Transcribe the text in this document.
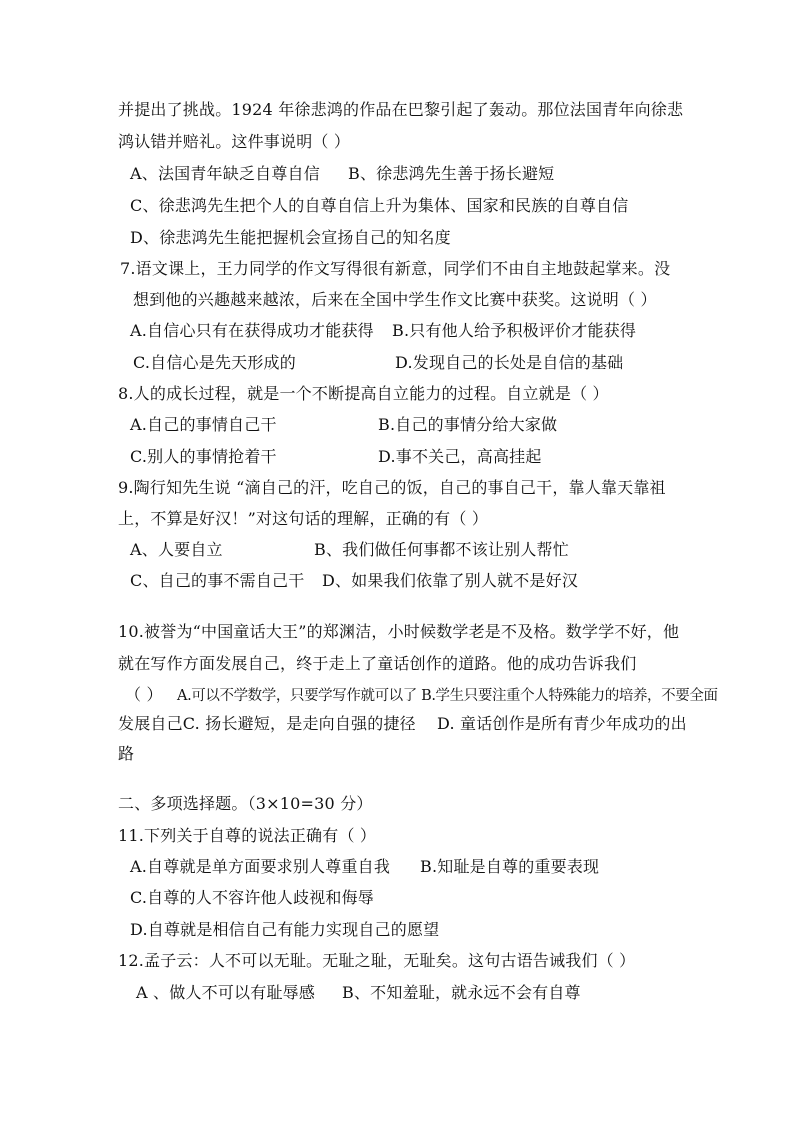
并提出了挑战。1924 年徐悲鸿的作品在巴黎引起了轰动。那位法国青年向徐悲
鸿认错并赔礼。这件事说明（ ）
A、法国青年缺乏自尊自信 B、徐悲鸿先生善于扬长避短
C、徐悲鸿先生把个人的自尊自信上升为集体、国家和民族的自尊自信
D、徐悲鸿先生能把握机会宣扬自己的知名度
7.语文课上，王力同学的作文写得很有新意，同学们不由自主地鼓起掌来。没
想到他的兴趣越来越浓，后来在全国中学生作文比赛中获奖。这说明（ ）
A.自信心只有在获得成功才能获得 B.只有他人给予积极评价才能获得
C.自信心是先天形成的	D.发现自己的长处是自信的基础
8.人的成长过程，就是一个不断提高自立能力的过程。自立就是（ ）
A.自己的事情自己干	B.自己的事情分给大家做
C.别人的事情抢着干	D.事不关己，高高挂起
9.陶行知先生说 “滴自己的汗，吃自己的饭，自己的事自己干，靠人靠天靠祖
上，不算是好汉！”对这句话的理解，正确的有（ ）
A、人要自立	B、我们做任何事都不该让别人帮忙
C、自己的事不需自己干 D、如果我们依靠了别人就不是好汉
10.被誉为“中国童话大王”的郑渊洁，小时候数学老是不及格。数学学不好，他
就在写作方面发展自己，终于走上了童话创作的道路。他的成功告诉我们
（ ） A.可以不学数学，只要学写作就可以了 B.学生只要注重个人特殊能力的培养，不要全面
发展自己C. 扬长避短，是走向自强的捷径 D. 童话创作是所有青少年成功的出
路
二、多项选择题。（3×10=30 分）
11.下列关于自尊的说法正确有（ ）
A.自尊就是单方面要求别人尊重自我 B.知耻是自尊的重要表现
C.自尊的人不容许他人歧视和侮辱
D.自尊就是相信自己有能力实现自己的愿望
12.孟子云：人不可以无耻。无耻之耻，无耻矣。这句古语告诫我们（ ）
A 、做人不可以有耻辱感 B、不知羞耻，就永远不会有自尊
